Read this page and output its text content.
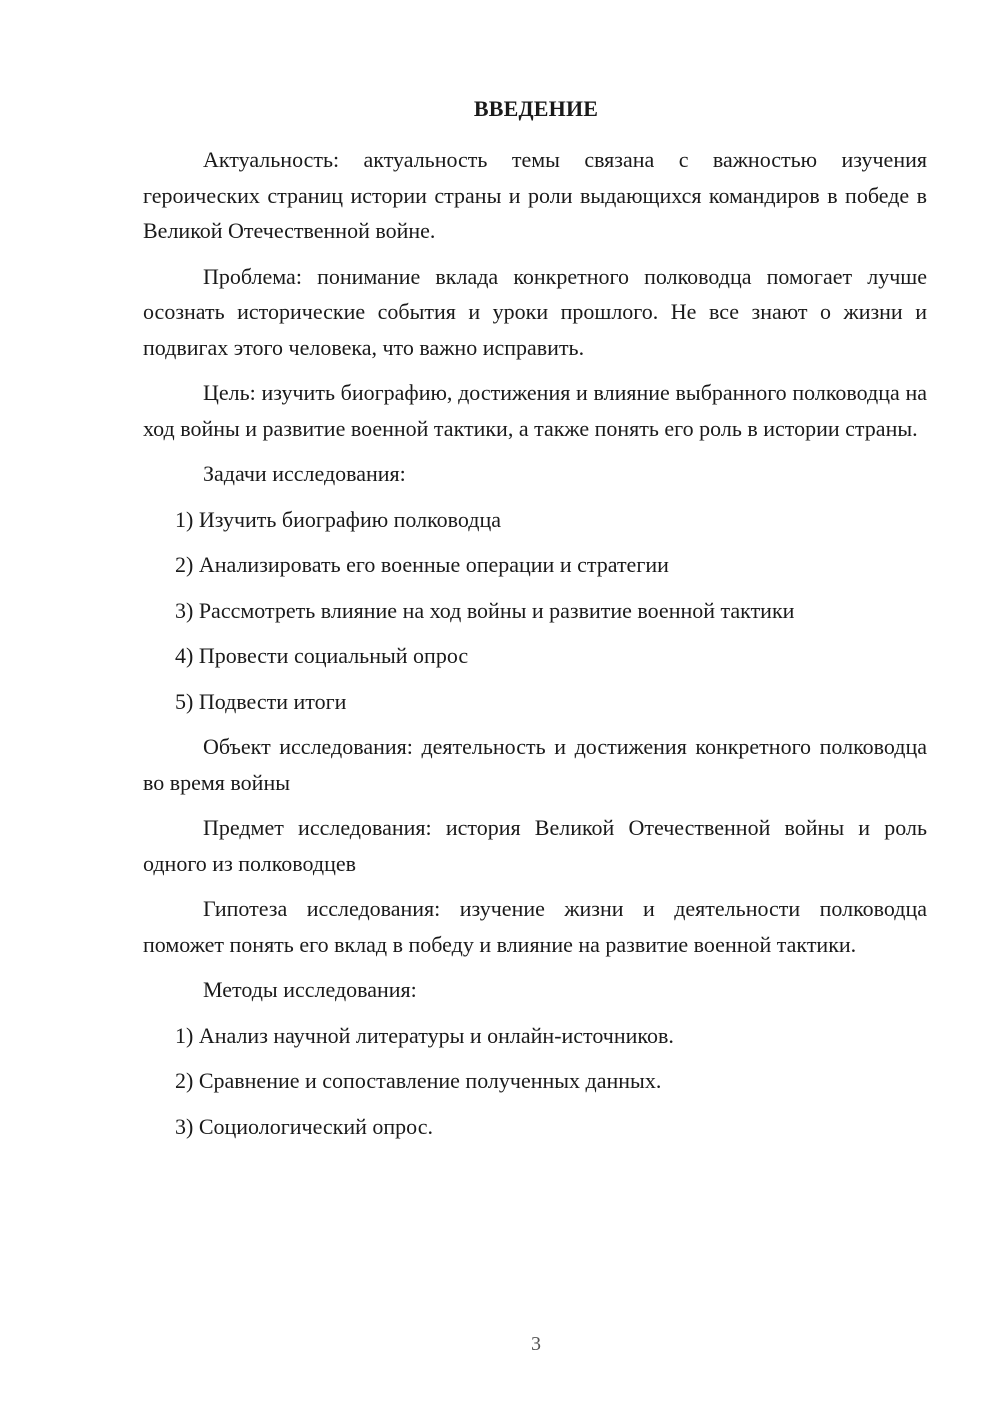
ВВЕДЕНИЕ

Актуальность: актуальность темы связана с важностью изучения героических страниц истории страны и роли выдающихся командиров в победе в Великой Отечественной войне.

Проблема: понимание вклада конкретного полководца помогает лучше осознать исторические события и уроки прошлого. Не все знают о жизни и подвигах этого человека, что важно исправить.

Цель: изучить биографию, достижения и влияние выбранного полководца на ход войны и развитие военной тактики, а также понять его роль в истории страны.

Задачи исследования:

1) Изучить биографию полководца
2) Анализировать его военные операции и стратегии
3) Рассмотреть влияние на ход войны и развитие военной тактики
4) Провести социальный опрос
5) Подвести итоги

Объект исследования: деятельность и достижения конкретного полководца во время войны

Предмет исследования: история Великой Отечественной войны и роль одного из полководцев

Гипотеза исследования: изучение жизни и деятельности полководца поможет понять его вклад в победу и влияние на развитие военной тактики.

Методы исследования:

1) Анализ научной литературы и онлайн-источников.
2) Сравнение и сопоставление полученных данных.
3) Социологический опрос.
3
